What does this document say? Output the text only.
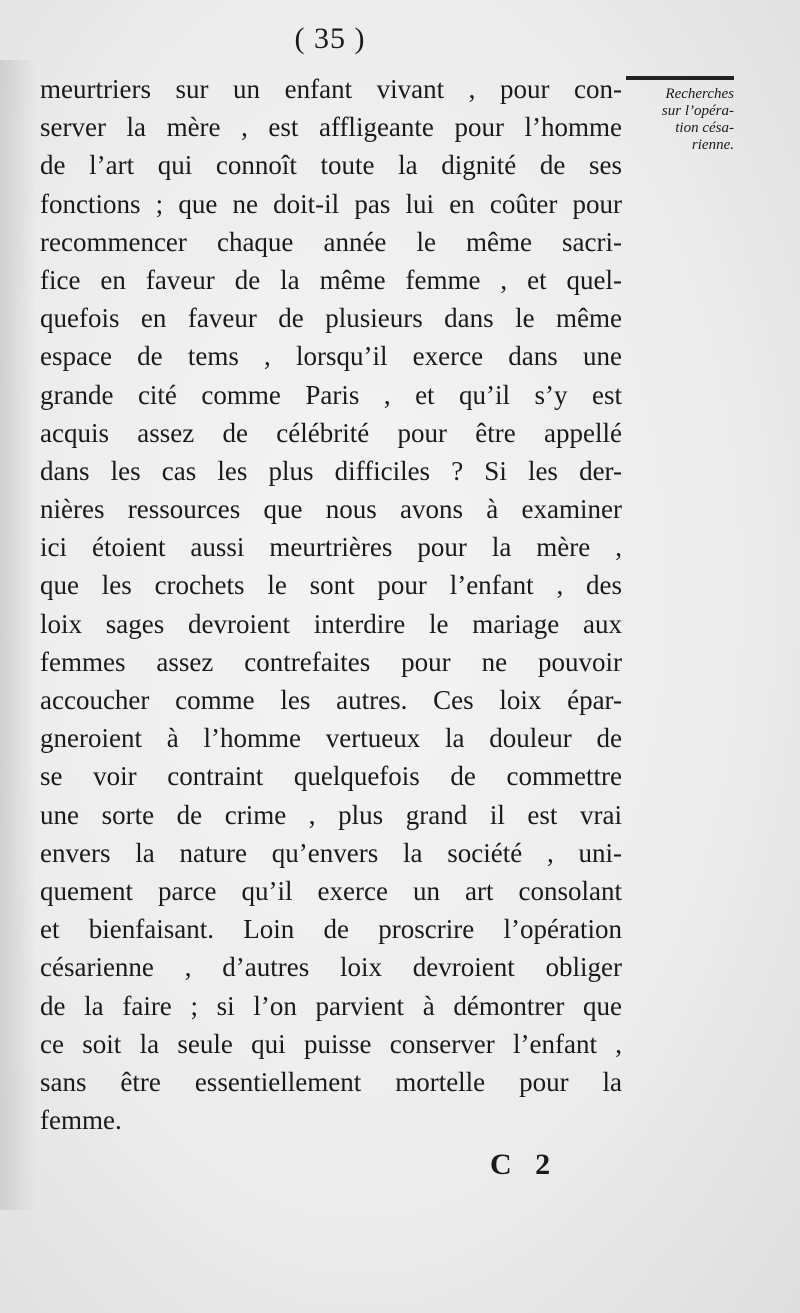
( 35 )
Recherches
sur l’opéra-
tion césa-
rienne.
meurtriers sur un enfant vivant , pour con-
server la mère , est affligeante pour l’homme
de l’art qui connoît toute la dignité de ses
fonctions ; que ne doit-il pas lui en coûter pour
recommencer chaque année le même sacri-
fice en faveur de la même femme , et quel-
quefois en faveur de plusieurs dans le même
espace de tems , lorsqu’il exerce dans une
grande cité comme Paris , et qu’il s’y est
acquis assez de célébrité pour être appellé
dans les cas les plus difficiles ? Si les der-
nières ressources que nous avons à examiner
ici étoient aussi meurtrières pour la mère ,
que les crochets le sont pour l’enfant , des
loix sages devroient interdire le mariage aux
femmes assez contrefaites pour ne pouvoir
accoucher comme les autres. Ces loix épar-
gneroient à l’homme vertueux la douleur de
se voir contraint quelquefois de commettre
une sorte de crime , plus grand il est vrai
envers la nature qu’envers la société , uni-
quement parce qu’il exerce un art consolant
et bienfaisant. Loin de proscrire l’opération
césarienne , d’autres loix devroient obliger
de la faire ; si l’on parvient à démontrer que
ce soit la seule qui puisse conserver l’enfant ,
sans être essentiellement mortelle pour la
femme.
C 2
